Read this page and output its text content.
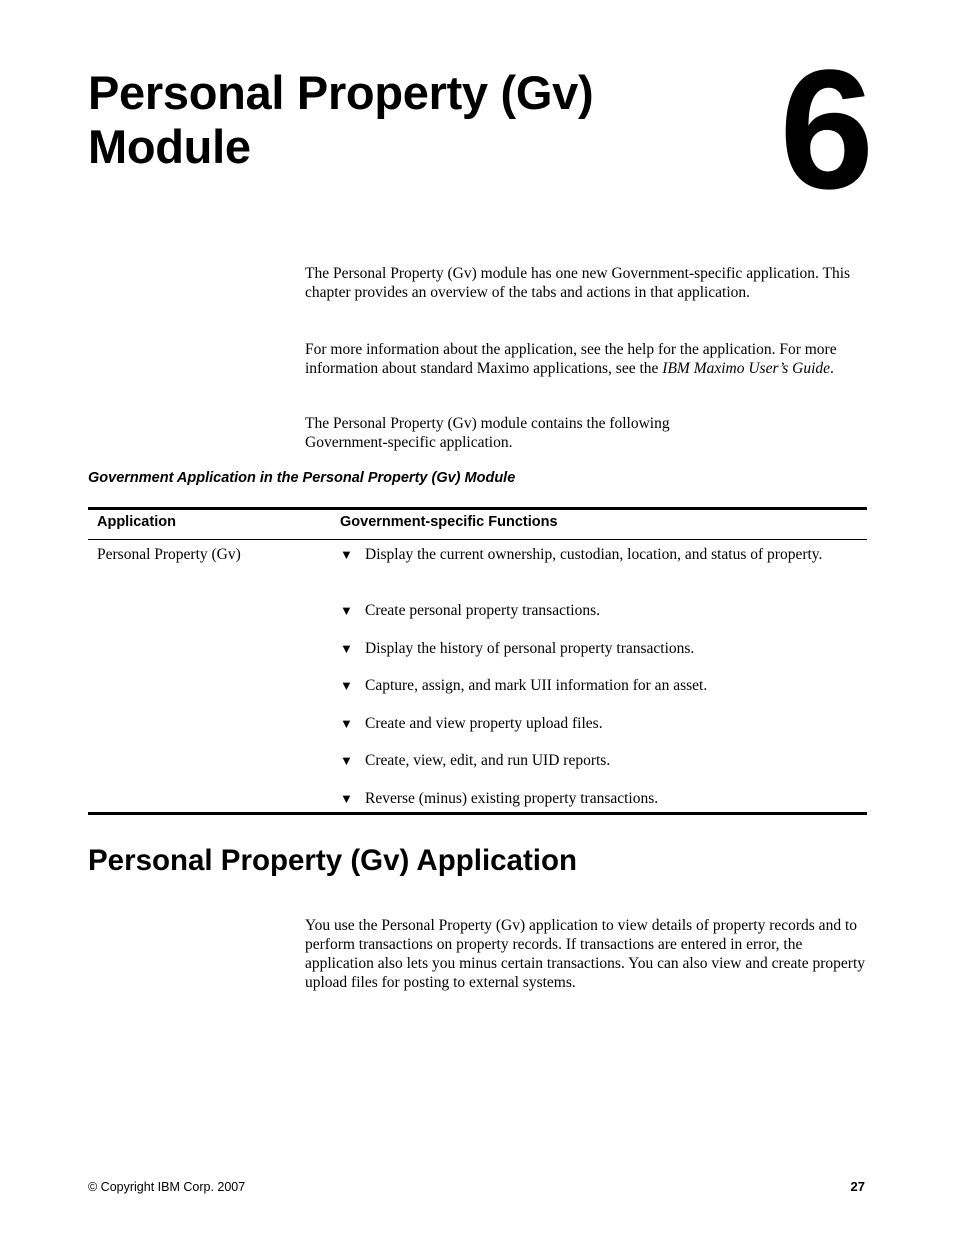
Personal Property (Gv)
Module	6

The Personal Property (Gv) module has one new Government-specific application. This chapter provides an overview of the tabs and actions in that application.

For more information about the application, see the help for the application. For more information about standard Maximo applications, see the IBM Maximo User’s Guide.

The Personal Property (Gv) module contains the following Government-specific application.

Government Application in the Personal Property (Gv) Module

Application	Government-specific Functions
Personal Property (Gv)	▼ Display the current ownership, custodian, location, and status of property.
▼ Create personal property transactions.
▼ Display the history of personal property transactions.
▼ Capture, assign, and mark UII information for an asset.
▼ Create and view property upload files.
▼ Create, view, edit, and run UID reports.
▼ Reverse (minus) existing property transactions.
Personal Property (Gv) Application

You use the Personal Property (Gv) application to view details of property records and to perform transactions on property records. If transactions are entered in error, the application also lets you minus certain transactions. You can also view and create property upload files for posting to external systems.

© Copyright IBM Corp. 2007	27
